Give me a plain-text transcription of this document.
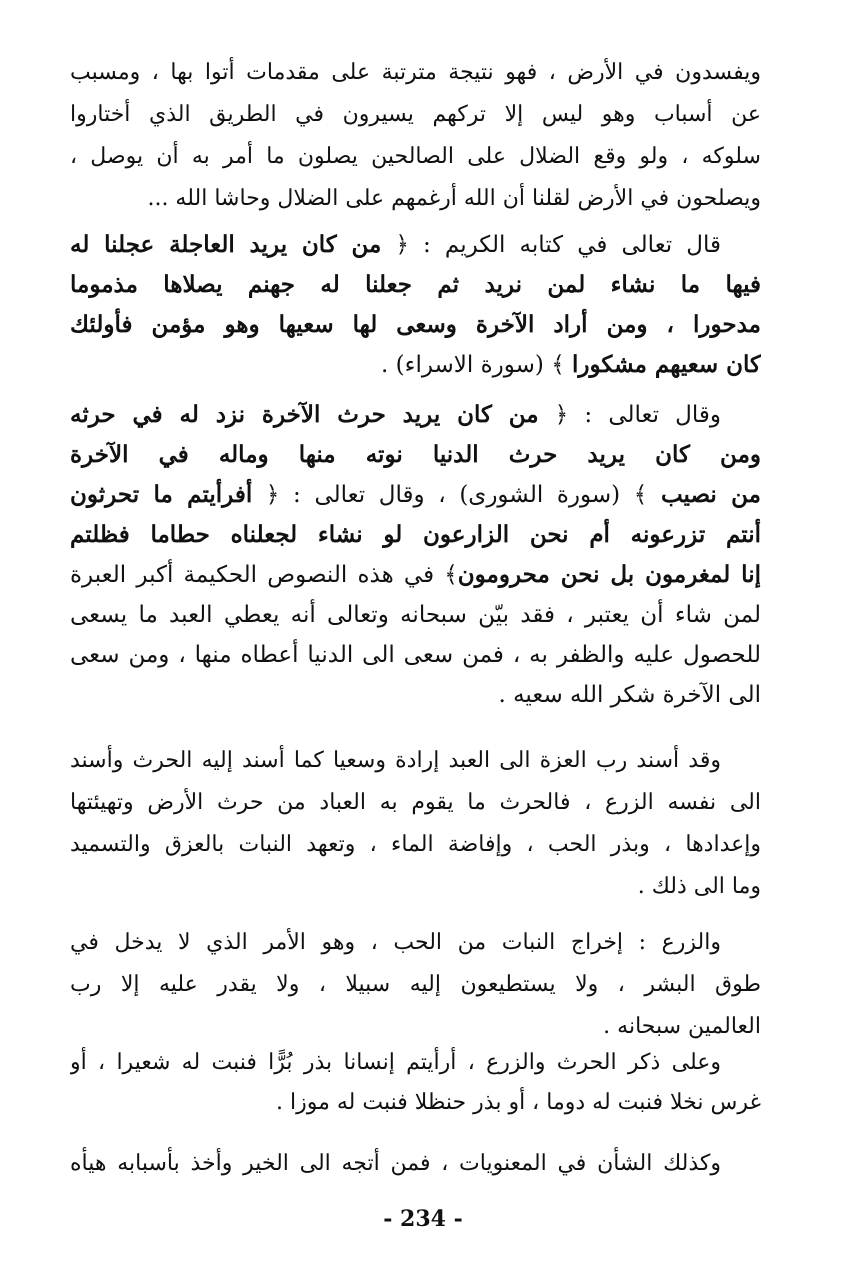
ويفسدون في الأرض ، فهو نتيجة مترتبة على مقدمات أتوا بها ، ومسبب
عن أسباب وهو ليس إلا تركهم يسيرون في الطريق الذي أختاروا
سلوكه ، ولو وقع الضلال على الصالحين يصلون ما أمر به أن يوصل ،
ويصلحون في الأرض لقلنا أن الله أرغمهم على الضلال وحاشا الله ...
قال تعالى في كتابه الكريم : ﴿ من كان يريد العاجلة عجلنا له
فيها ما نشاء لمن نريد ثم جعلنا له جهنم يصلاها مذموما
مدحورا ، ومن أراد الآخرة وسعى لها سعيها وهو مؤمن فأولئك
كان سعيهم مشكورا ﴾ (سورة الاسراء) .
وقال تعالى : ﴿ من كان يريد حرث الآخرة نزد له في حرثه
ومن كان يريد حرث الدنيا نوته منها وماله في الآخرة
من نصيب ﴾ (سورة الشورى) ، وقال تعالى : ﴿ أفرأيتم ما تحرثون
أنتم تزرعونه أم نحن الزارعون لو نشاء لجعلناه حطاما فظلتم
إنا لمغرمون بل نحن محرومون﴾ في هذه النصوص الحكيمة أكبر العبرة
لمن شاء أن يعتبر ، فقد بيّن سبحانه وتعالى أنه يعطي العبد ما يسعى
للحصول عليه والظفر به ، فمن سعى الى الدنيا أعطاه منها ، ومن سعى
الى الآخرة شكر الله سعيه .
وقد أسند رب العزة الى العبد إرادة وسعيا كما أسند إليه الحرث وأسند
الى نفسه الزرع ، فالحرث ما يقوم به العباد من حرث الأرض وتهيئتها
وإعدادها ، وبذر الحب ، وإفاضة الماء ، وتعهد النبات بالعزق والتسميد
وما الى ذلك .
والزرع : إخراج النبات من الحب ، وهو الأمر الذي لا يدخل في
طوق البشر ، ولا يستطيعون إليه سبيلا ، ولا يقدر عليه إلا رب
العالمين سبحانه .
وعلى ذكر الحرث والزرع ، أرأيتم إنسانا بذر بُرًّا فنبت له شعيرا ، أو
غرس نخلا فنبت له دوما ، أو بذر حنظلا فنبت له موزا .
وكذلك الشأن في المعنويات ، فمن أتجه الى الخير وأخذ بأسبابه هيأه
- 234 -
